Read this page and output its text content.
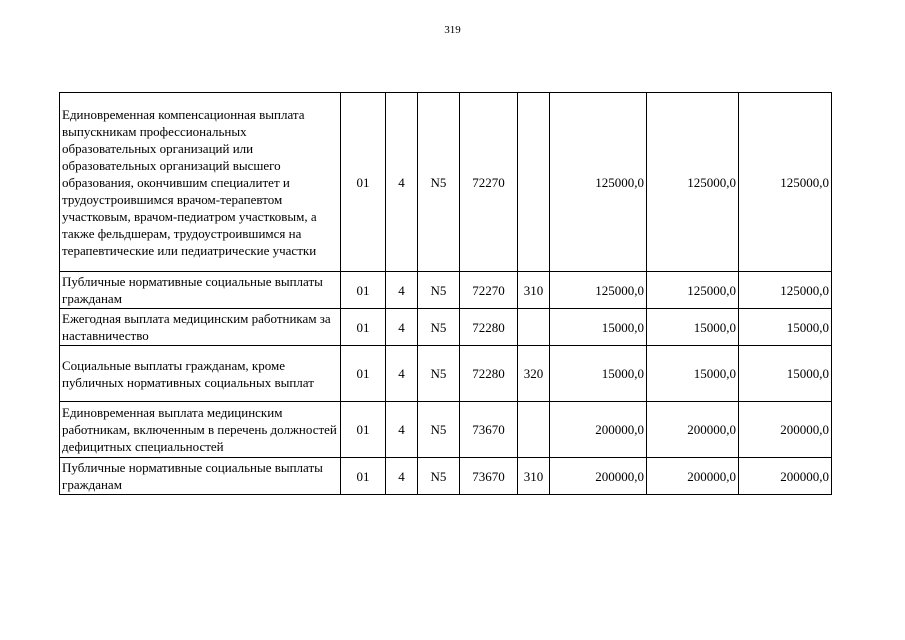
319
Единовременная компенсационная выплата выпускникам профессиональных образовательных организаций или образовательных организаций высшего образования, окончившим специалитет и трудоустроившимся врачом-терапевтом участковым, врачом-педиатром участковым, а также фельдшерам, трудоустроившимся на терапевтические или педиатрические участки	01	4	N5	72270		125000,0	125000,0	125000,0
Публичные нормативные социальные выплаты гражданам	01	4	N5	72270	310	125000,0	125000,0	125000,0
Ежегодная выплата медицинским работникам за наставничество	01	4	N5	72280		15000,0	15000,0	15000,0
Социальные выплаты гражданам, кроме публичных нормативных социальных выплат	01	4	N5	72280	320	15000,0	15000,0	15000,0
Единовременная выплата медицинским работникам, включенным в перечень должностей дефицитных специальностей	01	4	N5	73670		200000,0	200000,0	200000,0
Публичные нормативные социальные выплаты гражданам	01	4	N5	73670	310	200000,0	200000,0	200000,0
